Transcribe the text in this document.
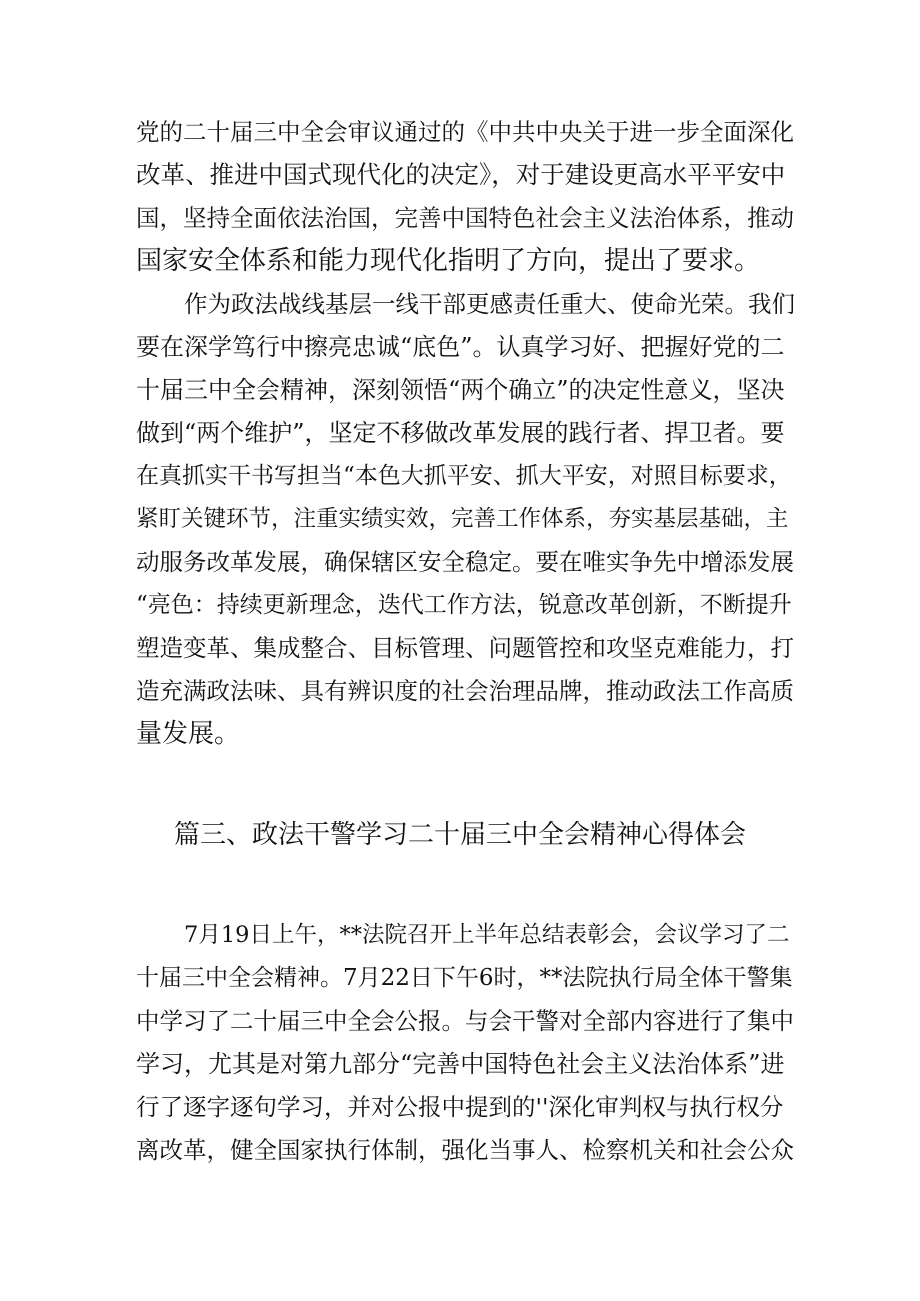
党的二十届三中全会审议通过的《中共中央关于进一步全面深化
改革、推进中国式现代化的决定》，对于建设更高水平平安中
国，坚持全面依法治国，完善中国特色社会主义法治体系，推动
国家安全体系和能力现代化指明了方向，提出了要求。
作为政法战线基层一线干部更感责任重大、使命光荣。我们
要在深学笃行中擦亮忠诚“底色”。认真学习好、把握好党的二
十届三中全会精神，深刻领悟“两个确立”的决定性意义，坚决
做到“两个维护”，坚定不移做改革发展的践行者、捍卫者。要
在真抓实干书写担当“本色大抓平安、抓大平安，对照目标要求，
紧盯关键环节，注重实绩实效，完善工作体系，夯实基层基础，主
动服务改革发展，确保辖区安全稳定。要在唯实争先中增添发展
“亮色：持续更新理念，迭代工作方法，锐意改革创新，不断提升
塑造变革、集成整合、目标管理、问题管控和攻坚克难能力，打
造充满政法味、具有辨识度的社会治理品牌，推动政法工作高质
量发展。
篇三、政法干警学习二十届三中全会精神心得体会
7月19日上午，**法院召开上半年总结表彰会，会议学习了二
十届三中全会精神。7月22日下午6时，**法院执行局全体干警集
中学习了二十届三中全会公报。与会干警对全部内容进行了集中
学习，尤其是对第九部分“完善中国特色社会主义法治体系”进
行了逐字逐句学习，并对公报中提到的''深化审判权与执行权分
离改革，健全国家执行体制，强化当事人、检察机关和社会公众
